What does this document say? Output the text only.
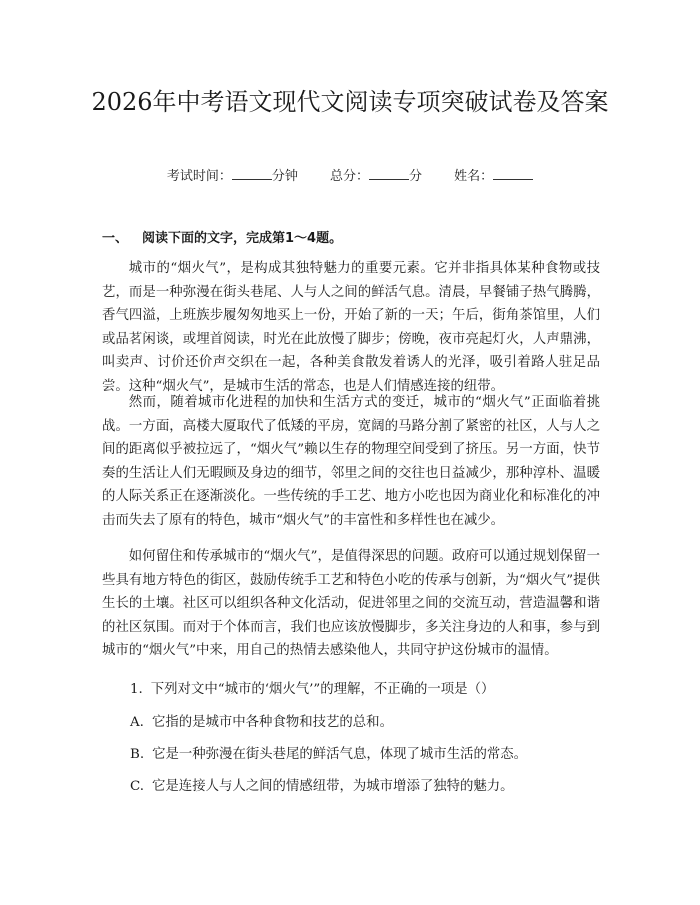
2026年中考语文现代文阅读专项突破试卷及答案
考试时间：	分钟 总分：	分 姓名：
一、 阅读下面的文字，完成第1～4题。

城市的“烟火气”，是构成其独特魅力的重要元素。它并非指具体某种食物或技艺，而是一种弥漫在街头巷尾、人与人之间的鲜活气息。清晨，早餐铺子热气腾腾，香气四溢，上班族步履匆匆地买上一份，开始了新的一天；午后，街角茶馆里，人们或品茗闲谈，或埋首阅读，时光在此放慢了脚步；傍晚，夜市亮起灯火，人声鼎沸，叫卖声、讨价还价声交织在一起，各种美食散发着诱人的光泽，吸引着路人驻足品尝。这种“烟火气”，是城市生活的常态，也是人们情感连接的纽带。

然而，随着城市化进程的加快和生活方式的变迁，城市的“烟火气”正面临着挑战。一方面，高楼大厦取代了低矮的平房，宽阔的马路分割了紧密的社区，人与人之间的距离似乎被拉远了，“烟火气”赖以生存的物理空间受到了挤压。另一方面，快节奏的生活让人们无暇顾及身边的细节，邻里之间的交往也日益减少，那种淳朴、温暖的人际关系正在逐渐淡化。一些传统的手工艺、地方小吃也因为商业化和标准化的冲击而失去了原有的特色，城市“烟火气”的丰富性和多样性也在减少。

如何留住和传承城市的“烟火气”，是值得深思的问题。政府可以通过规划保留一些具有地方特色的街区，鼓励传统手工艺和特色小吃的传承与创新，为“烟火气”提供生长的土壤。社区可以组织各种文化活动，促进邻里之间的交流互动，营造温馨和谐的社区氛围。而对于个体而言，我们也应该放慢脚步，多关注身边的人和事，参与到城市的“烟火气”中来，用自己的热情去感染他人，共同守护这份城市的温情。

1. 下列对文中“城市的‘烟火气’”的理解，不正确的一项是（）
A. 它指的是城市中各种食物和技艺的总和。
B. 它是一种弥漫在街头巷尾的鲜活气息，体现了城市生活的常态。
C. 它是连接人与人之间的情感纽带，为城市增添了独特的魅力。
